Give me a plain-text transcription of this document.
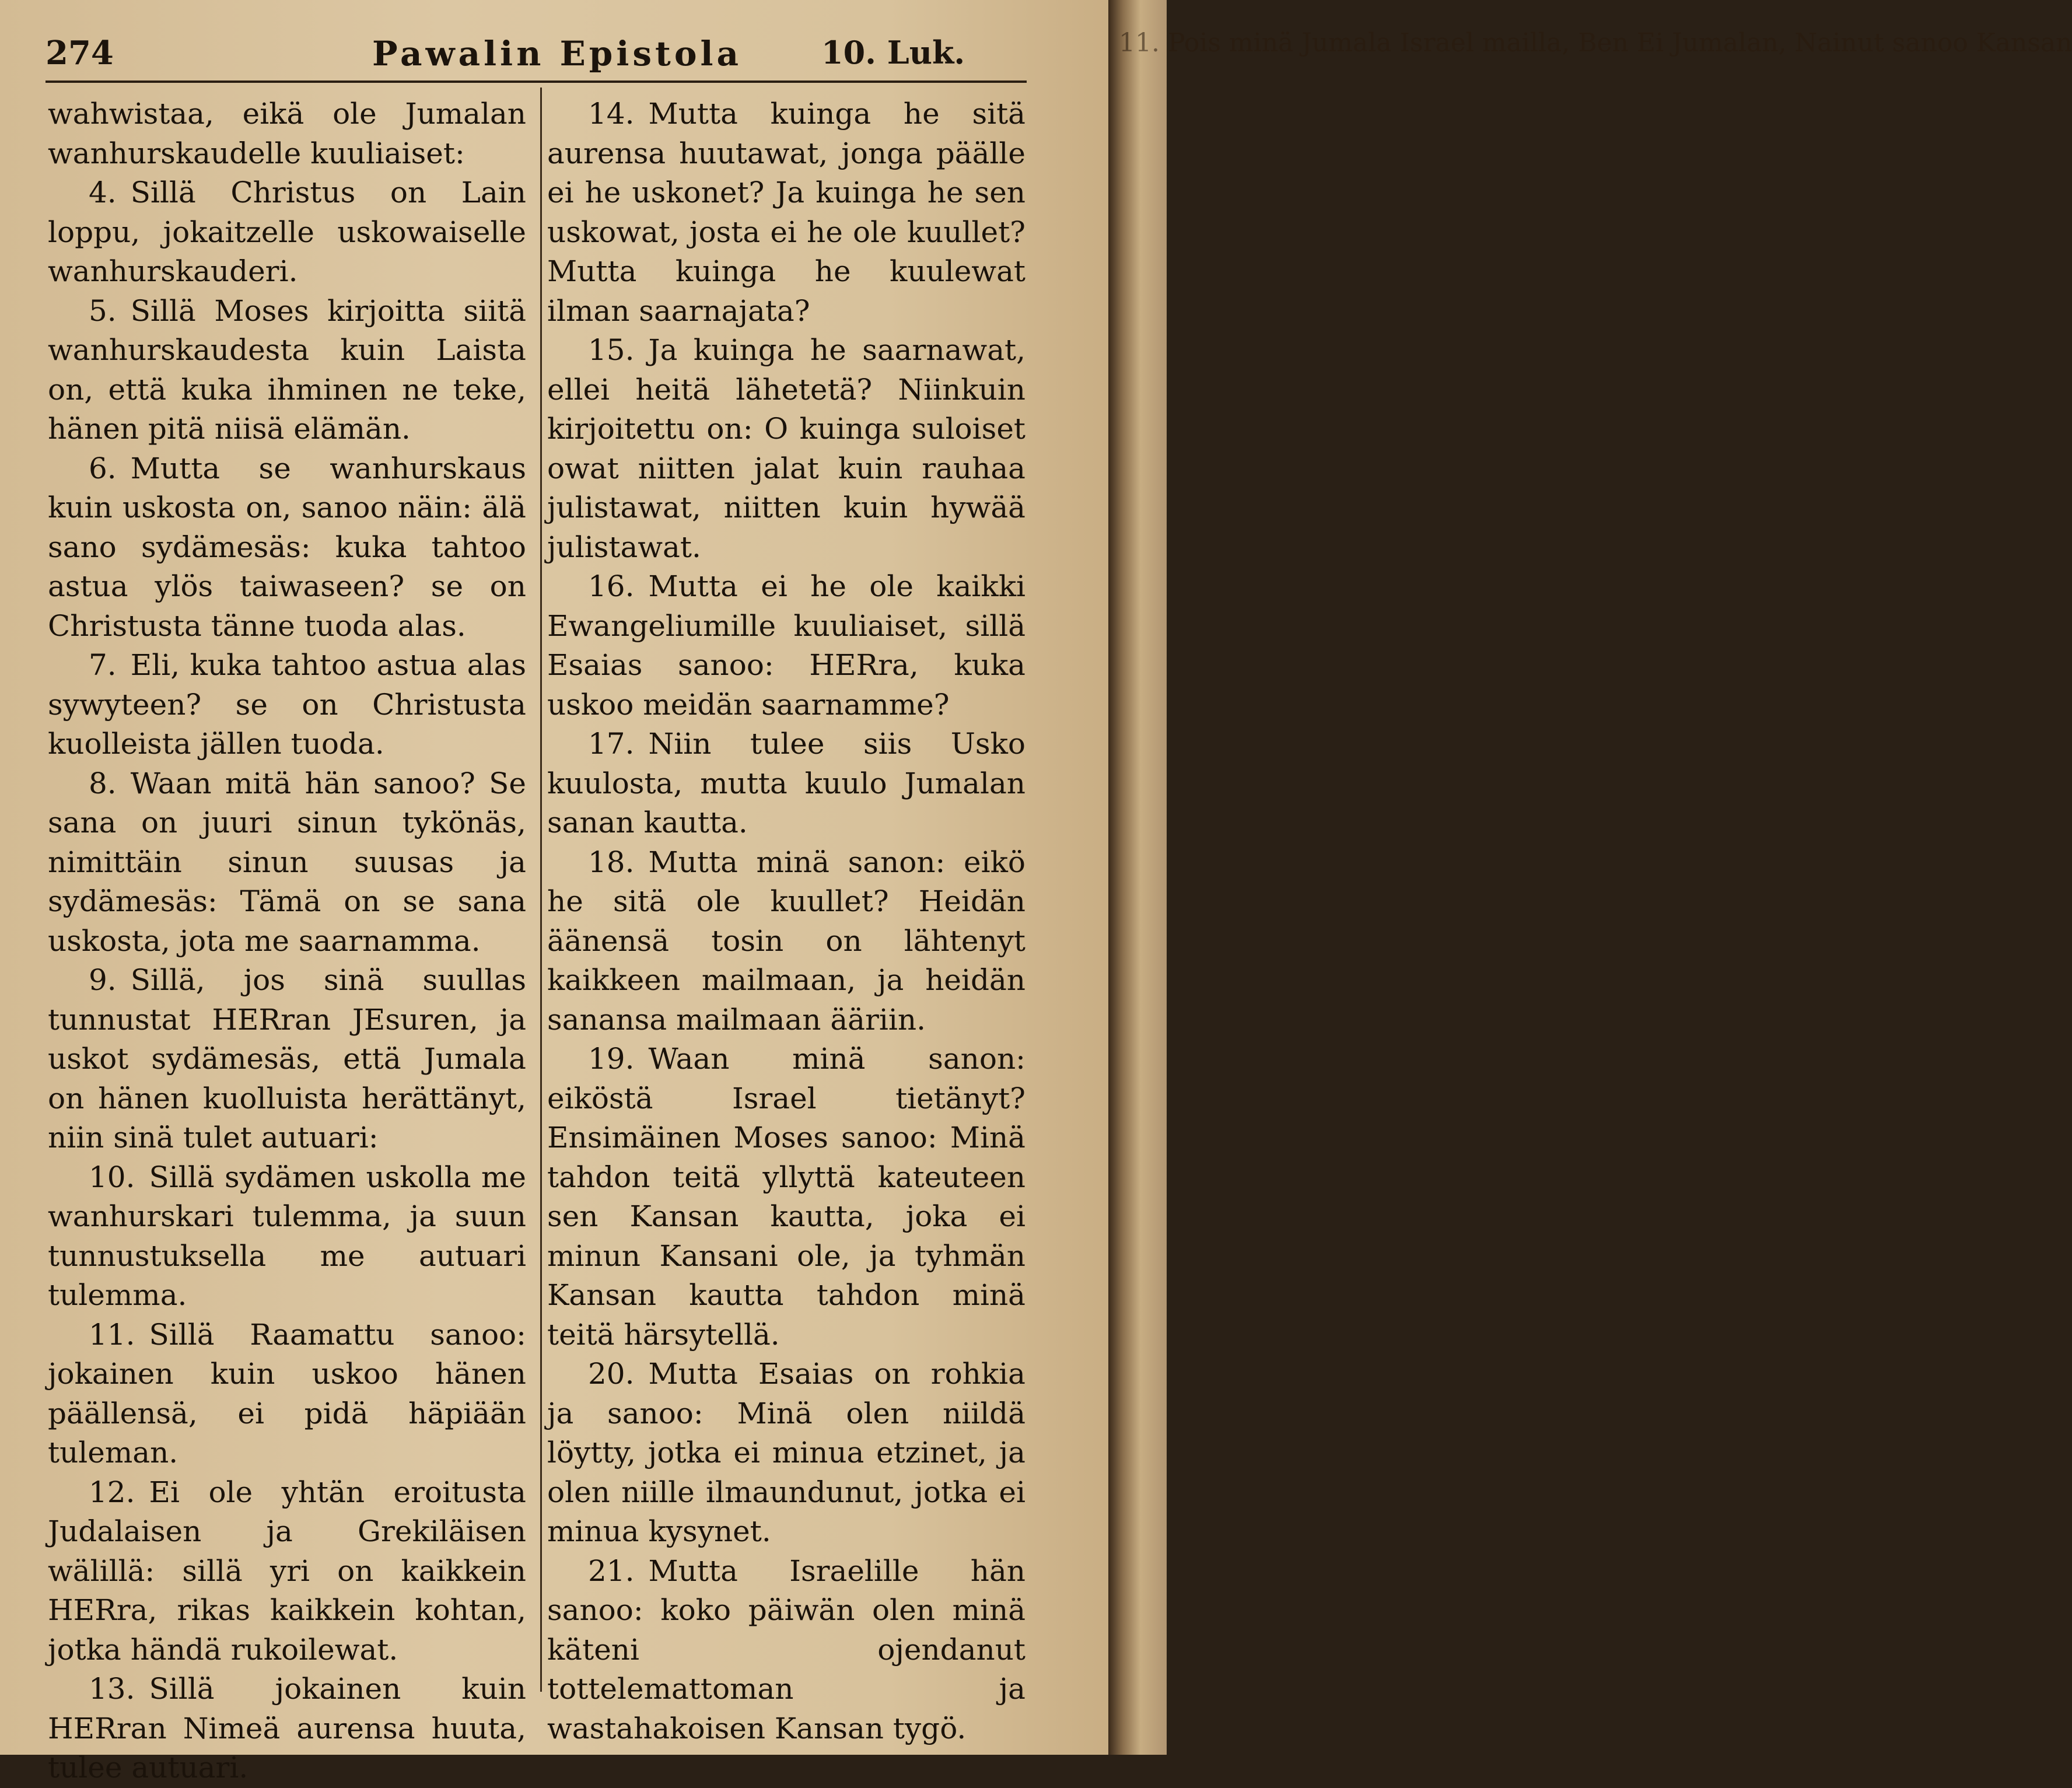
274	Pawalin Epistola	10. Luk.

wahwistaa, eikä ole Jumalan wanhurskaudelle kuuliaiset:

4. Sillä Christus on Lain loppu, jokaitzelle uskowaiselle wanhurskauderi.

5. Sillä Moses kirjoitta siitä wanhurskaudesta kuin Laista on, että kuka ihminen ne teke, hänen pitä niisä elämän.

6. Mutta se wanhurskaus kuin uskosta on, sanoo näin: älä sano sydämesäs: kuka tahtoo astua ylös taiwaseen? se on Christusta tänne tuoda alas.

7. Eli, kuka tahtoo astua alas sywyteen? se on Christusta kuolleista jällen tuoda.

8. Waan mitä hän sanoo? Se sana on juuri sinun tykönäs, nimittäin sinun suusas ja sydämesäs: Tämä on se sana uskosta, jota me saarnamma.

9. Sillä, jos sinä suullas tunnustat HERran JEsuren, ja uskot sydämesäs, että Jumala on hänen kuolluista herättänyt, niin sinä tulet autuari:

10. Sillä sydämen uskolla me wanhurskari tulemma, ja suun tunnustuksella me autuari tulemma.

11. Sillä Raamattu sanoo: jokainen kuin uskoo hänen päällensä, ei pidä häpiään tuleman.

12. Ei ole yhtän eroitusta Judalaisen ja Grekiläisen wälillä: sillä yri on kaikkein HERra, rikas kaikkein kohtan, jotka händä rukoilewat.

13. Sillä jokainen kuin HERran Nimeä aurensa huuta, tulee autuari.

14. Mutta kuinga he sitä aurensa huutawat, jonga päälle ei he uskonet? Ja kuinga he sen uskowat, josta ei he ole kuullet? Mutta kuinga he kuulewat ilman saarnajata?

15. Ja kuinga he saarnawat, ellei heitä lähetetä? Niinkuin kirjoitettu on: O kuinga suloiset owat niitten jalat kuin rauhaa julistawat, niitten kuin hywää julistawat.

16. Mutta ei he ole kaikki Ewangeliumille kuuliaiset, sillä Esaias sanoo: HERra, kuka uskoo meidän saarnamme?

17. Niin tulee siis Usko kuulosta, mutta kuulo Jumalan sanan kautta.

18. Mutta minä sanon: eikö he sitä ole kuullet? Heidän äänensä tosin on lähtenyt kaikkeen mailmaan, ja heidän sanansa mailmaan ääriin.

19. Waan minä sanon: eiköstä Israel tietänyt? Ensimäinen Moses sanoo: Minä tahdon teitä yllyttä kateuteen sen Kansan kautta, joka ei minun Kansani ole, ja tyhmän Kansan kautta tahdon minä teitä härsytellä.

20. Mutta Esaias on rohkia ja sanoo: Minä olen niildä löytty, jotka ei minua etzinet, ja olen niille ilmaundunut, jotka ei minua kysynet.

21. Mutta Israelille hän sanoo: koko päiwän olen minä käteni ojendanut tottelemattoman ja wastahakoisen Kansan tygö.

11. Pois minä Jumala Israel mailla, Ben Ei Jumalan, Nainut sanoo Kansan
